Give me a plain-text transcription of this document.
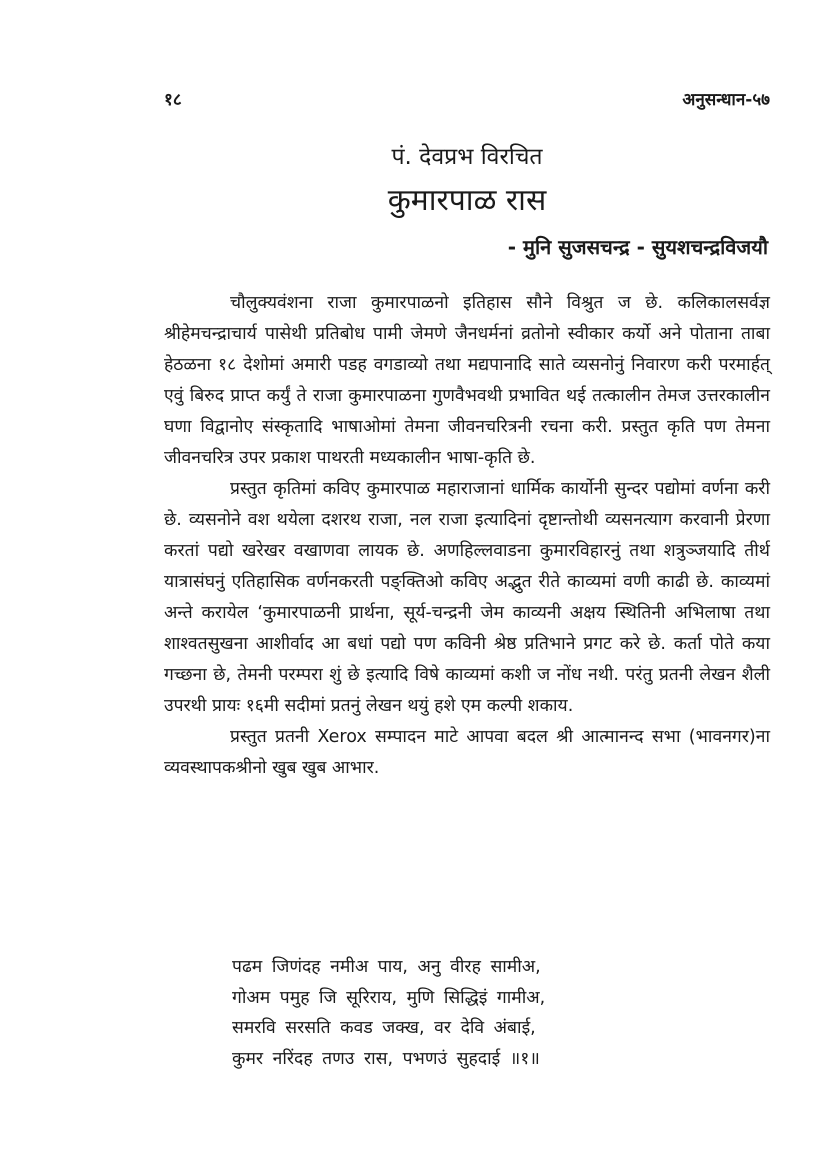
१८	अनुसन्धान-५७
पं. देवप्रभ विरचित
कुमारपाळ रास
- मुनि सुजसचन्द्र - सुयशचन्द्रविजयौ

चौलुक्यवंशना राजा कुमारपाळनो इतिहास सौने विश्रुत ज छे. कलिकालसर्वज्ञ श्रीहेमचन्द्राचार्य पासेथी प्रतिबोध पामी जेमणे जैनधर्मनां व्रतोनो स्वीकार कर्यो अने पोताना ताबा हेठळना १८ देशोमां अमारी पडह वगडाव्यो तथा मद्यपानादि साते व्यसनोनुं निवारण करी परमार्हत् एवुं बिरुद प्राप्त कर्युं ते राजा कुमारपाळना गुणवैभवथी प्रभावित थई तत्कालीन तेमज उत्तरकालीन घणा विद्वानोए संस्कृतादि भाषाओमां तेमना जीवनचरित्रनी रचना करी. प्रस्तुत कृति पण तेमना जीवनचरित्र उपर प्रकाश पाथरती मध्यकालीन भाषा-कृति छे.

प्रस्तुत कृतिमां कविए कुमारपाळ महाराजानां धार्मिक कार्योनी सुन्दर पद्योमां वर्णना करी छे. व्यसनोने वश थयेला दशरथ राजा, नल राजा इत्यादिनां दृष्टान्तोथी व्यसनत्याग करवानी प्रेरणा करतां पद्यो खरेखर वखाणवा लायक छे. अणहिल्लवाडना कुमारविहारनुं तथा शत्रुञ्जयादि तीर्थ यात्रासंघनुं एतिहासिक वर्णनकरती पङ्क्तिओ कविए अद्भुत रीते काव्यमां वणी काढी छे. काव्यमां अन्ते करायेल ‘कुमारपाळनी प्रार्थना, सूर्य-चन्द्रनी जेम काव्यनी अक्षय स्थितिनी अभिलाषा तथा शाश्वतसुखना आशीर्वाद आ बधां पद्यो पण कविनी श्रेष्ठ प्रतिभाने प्रगट करे छे. कर्ता पोते कया गच्छना छे, तेमनी परम्परा शुं छे इत्यादि विषे काव्यमां कशी ज नोंध नथी. परंतु प्रतनी लेखन शैली उपरथी प्रायः १६मी सदीमां प्रतनुं लेखन थयुं हशे एम कल्पी शकाय.

प्रस्तुत प्रतनी Xerox सम्पादन माटे आपवा बदल श्री आत्मानन्द सभा (भावनगर)ना व्यवस्थापकश्रीनो खुब खुब आभार.

पढम जिणंदह नमीअ पाय, अनु वीरह सामीअ,
गोअम पमुह जि सूरिराय, मुणि सिद्धिइं गामीअ,
समरवि सरसति कवड जक्ख, वर देवि अंबाई,
कुमर नरिंदह तणउ रास, पभणउं सुहदाई ॥१॥
